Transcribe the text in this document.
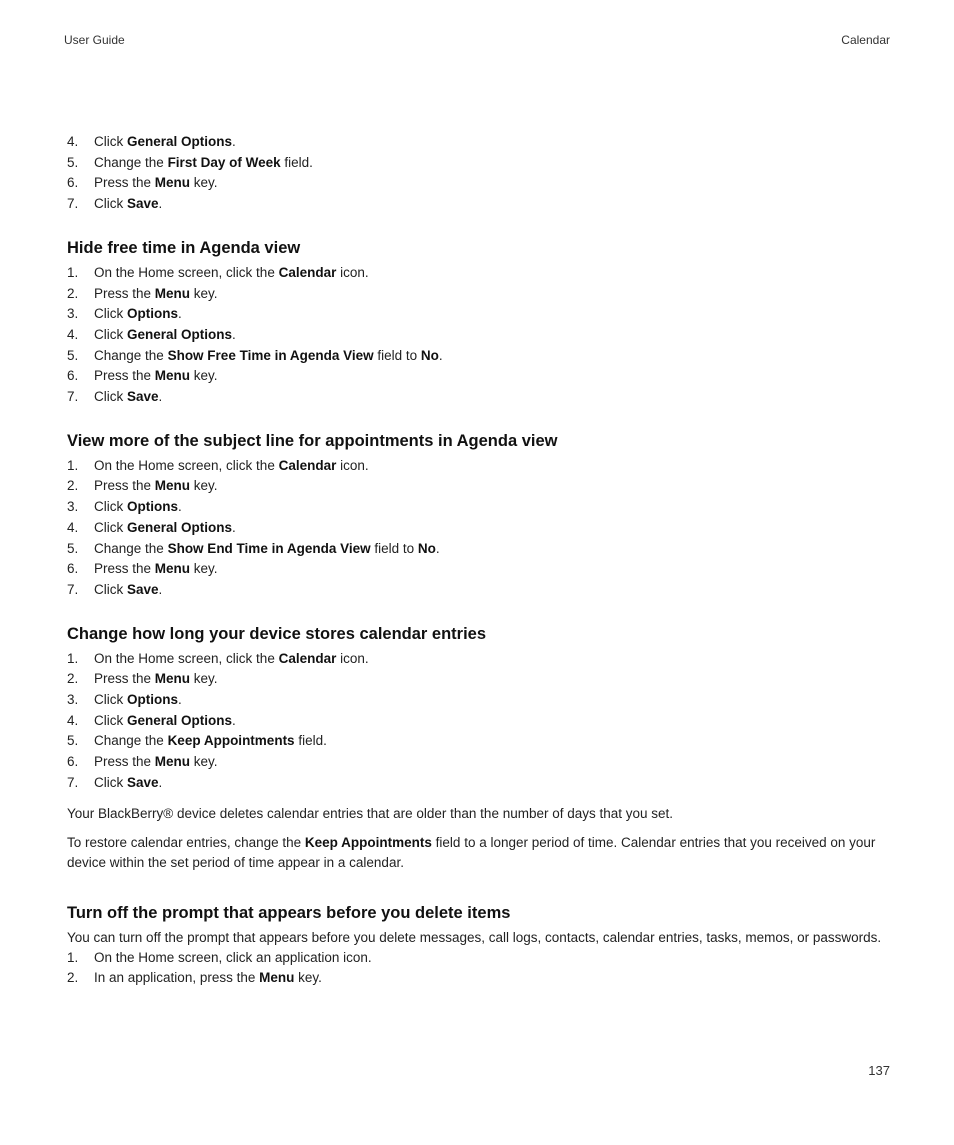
User Guide	Calendar
4.	Click General Options.
5.	Change the First Day of Week field.
6.	Press the Menu key.
7.	Click Save.
Hide free time in Agenda view
1.	On the Home screen, click the Calendar icon.
2.	Press the Menu key.
3.	Click Options.
4.	Click General Options.
5.	Change the Show Free Time in Agenda View field to No.
6.	Press the Menu key.
7.	Click Save.
View more of the subject line for appointments in Agenda view
1.	On the Home screen, click the Calendar icon.
2.	Press the Menu key.
3.	Click Options.
4.	Click General Options.
5.	Change the Show End Time in Agenda View field to No.
6.	Press the Menu key.
7.	Click Save.
Change how long your device stores calendar entries
1.	On the Home screen, click the Calendar icon.
2.	Press the Menu key.
3.	Click Options.
4.	Click General Options.
5.	Change the Keep Appointments field.
6.	Press the Menu key.
7.	Click Save.

Your BlackBerry® device deletes calendar entries that are older than the number of days that you set.

To restore calendar entries, change the Keep Appointments field to a longer period of time. Calendar entries that you received on your device within the set period of time appear in a calendar.

Turn off the prompt that appears before you delete items

You can turn off the prompt that appears before you delete messages, call logs, contacts, calendar entries, tasks, memos, or passwords.

1.	On the Home screen, click an application icon.
2.	In an application, press the Menu key.
137
